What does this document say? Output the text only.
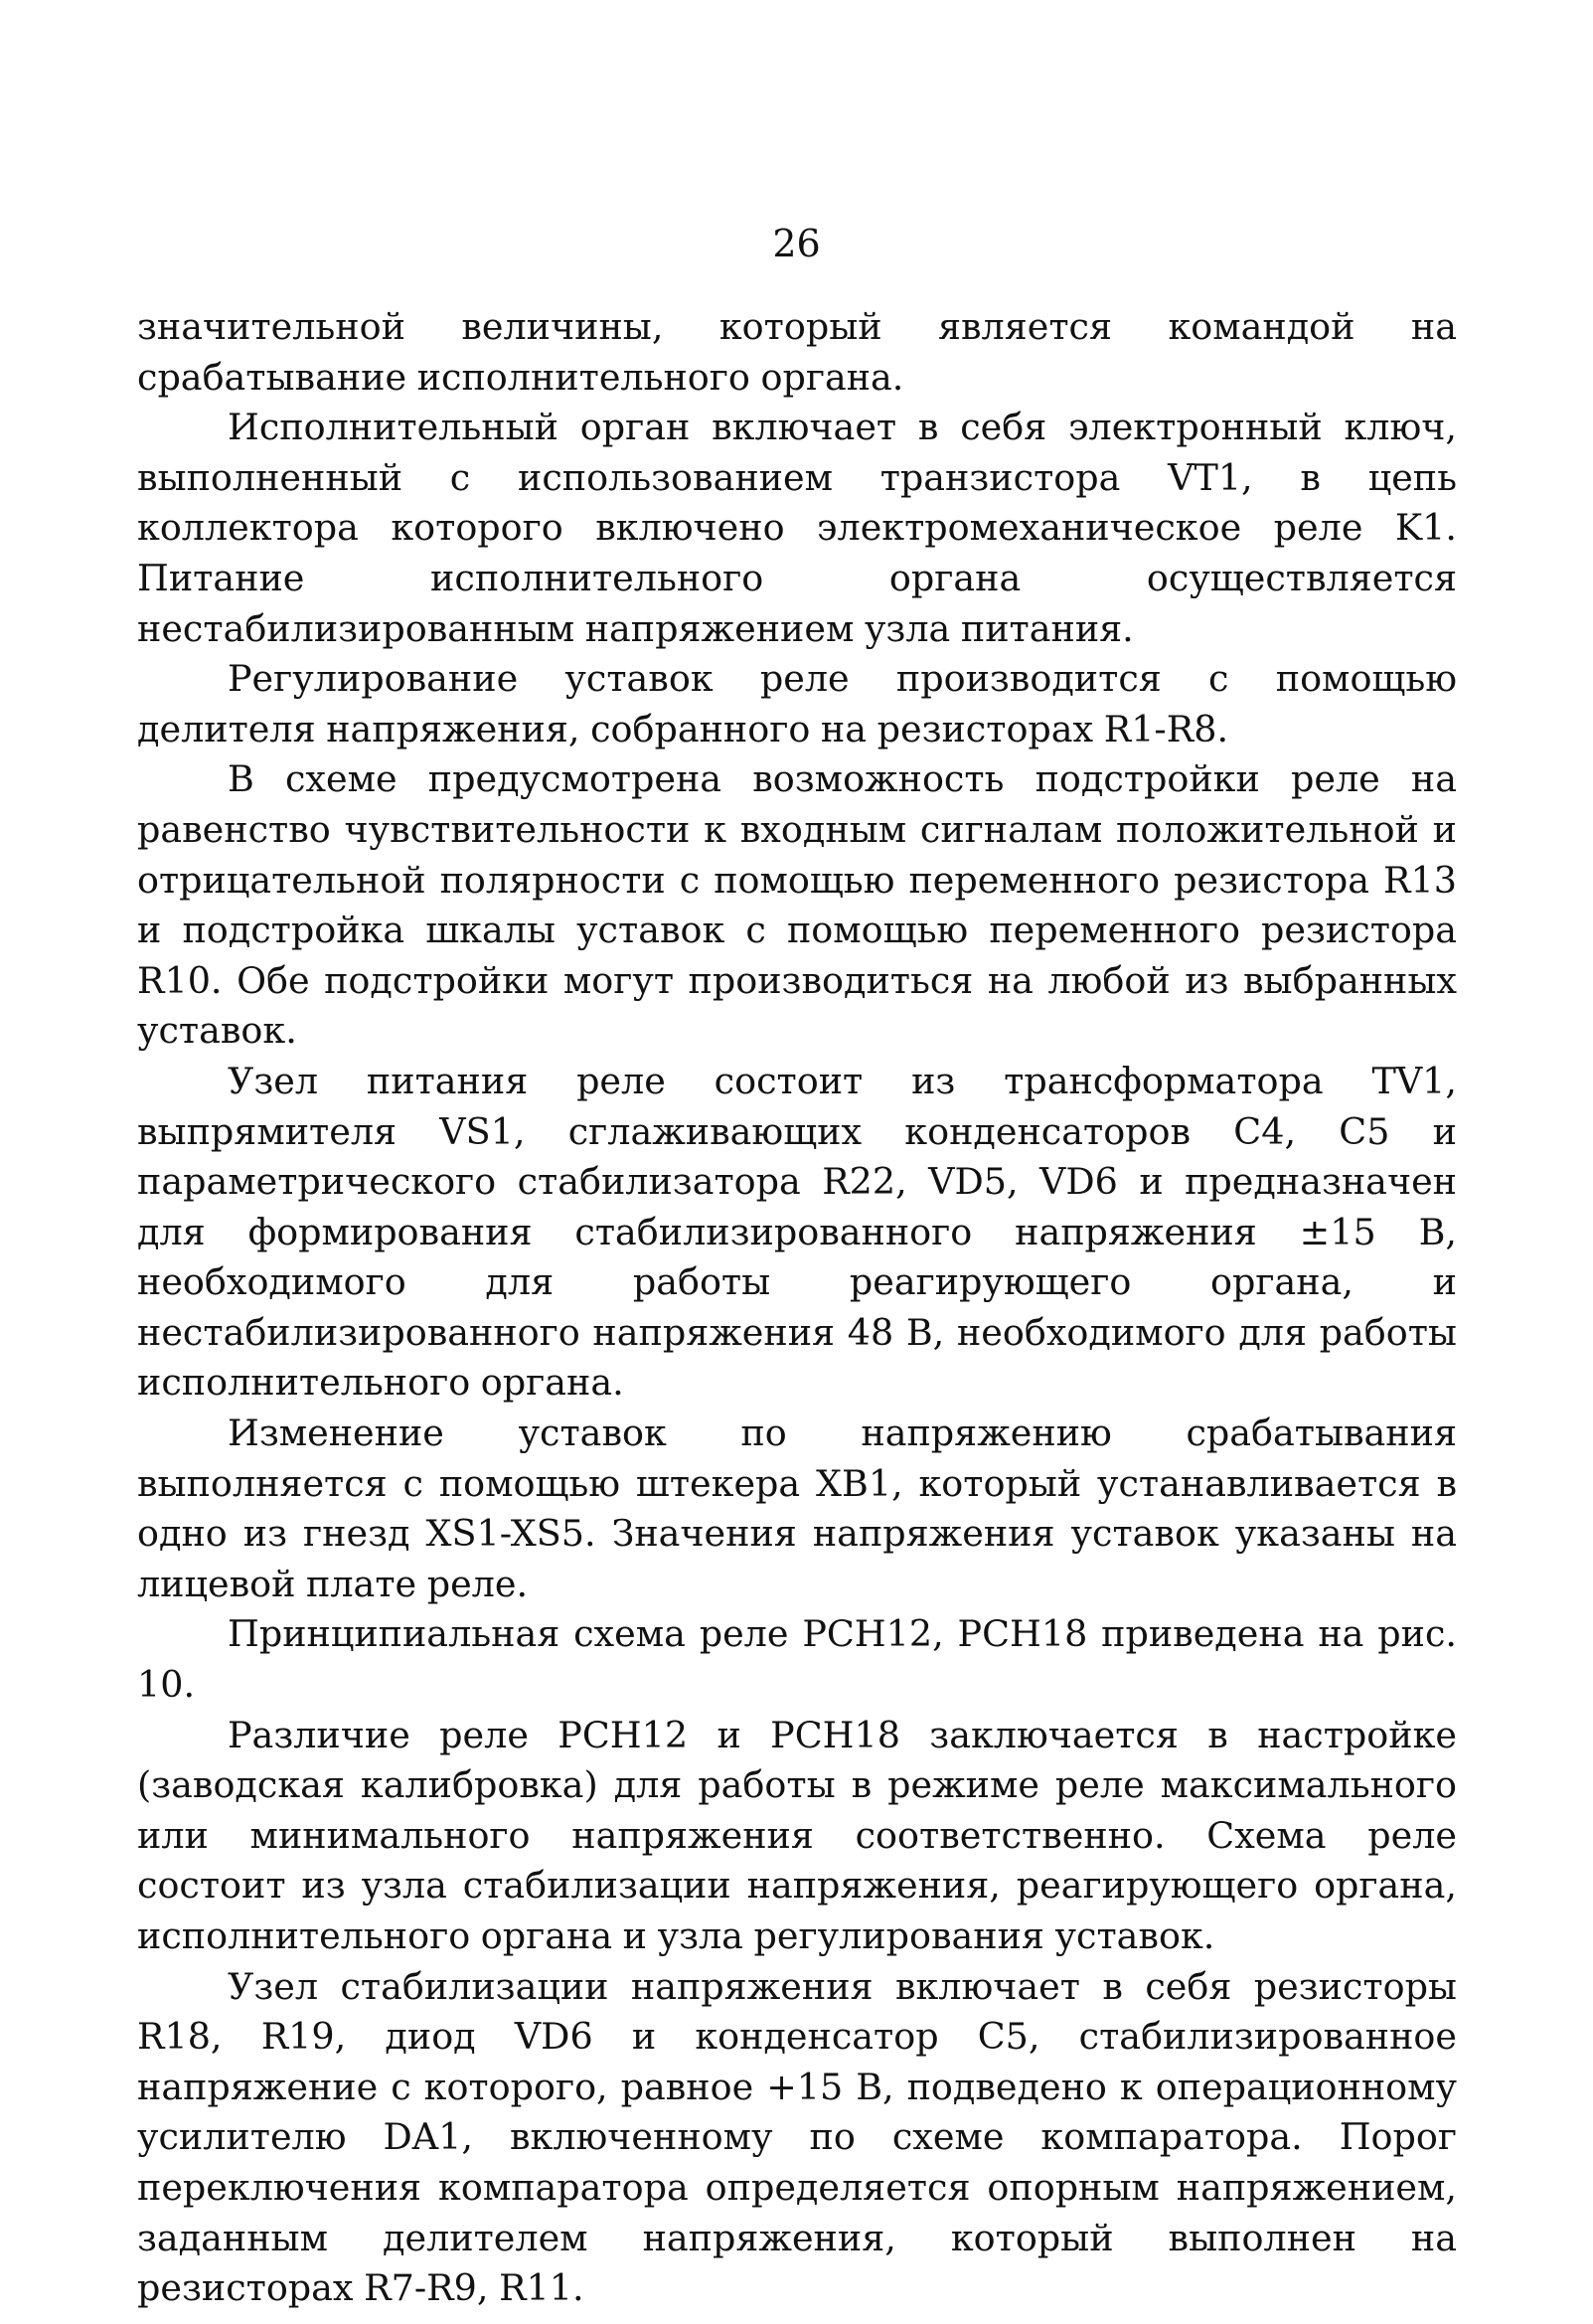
26

значительной величины, который является командой на срабатывание исполнительного органа.

Исполнительный орган включает в себя электронный ключ, выполненный с использованием транзистора VT1, в цепь коллектора которого включено электромеханическое реле K1. Питание исполнительного органа осуществляется нестабилизированным напряжением узла питания.

Регулирование уставок реле производится с помощью делителя напряжения, собранного на резисторах R1-R8.

В схеме предусмотрена возможность подстройки реле на равенство чувствительности к входным сигналам положительной и отрицательной полярности с помощью переменного резистора R13 и подстройка шкалы уставок с помощью переменного резистора R10. Обе подстройки могут производиться на любой из выбранных уставок.

Узел питания реле состоит из трансформатора TV1, выпрямителя VS1, сглаживающих конденсаторов C4, C5 и параметрического стабилизатора R22, VD5, VD6 и предназначен для формирования стабилизированного напряжения ±15 В, необходимого для работы реагирующего органа, и нестабилизированного напряжения 48 В, необходимого для работы исполнительного органа.

Изменение уставок по напряжению срабатывания выполняется с помощью штекера XB1, который устанавливается в одно из гнезд XS1-XS5. Значения напряжения уставок указаны на лицевой плате реле.

Принципиальная схема реле РСН12, РСН18 приведена на рис. 10.

Различие реле РСН12 и РСН18 заключается в настройке (заводская калибровка) для работы в режиме реле максимального или минимального напряжения соответственно. Схема реле состоит из узла стабилизации напряжения, реагирующего органа, исполнительного органа и узла регулирования уставок.

Узел стабилизации напряжения включает в себя резисторы R18, R19, диод VD6 и конденсатор C5, стабилизированное напряжение с которого, равное +15 В, подведено к операционному усилителю DA1, включенному по схеме компаратора. Порог переключения компаратора определяется опорным напряжением, заданным делителем напряжения, который выполнен на резисторах R7-R9, R11.
